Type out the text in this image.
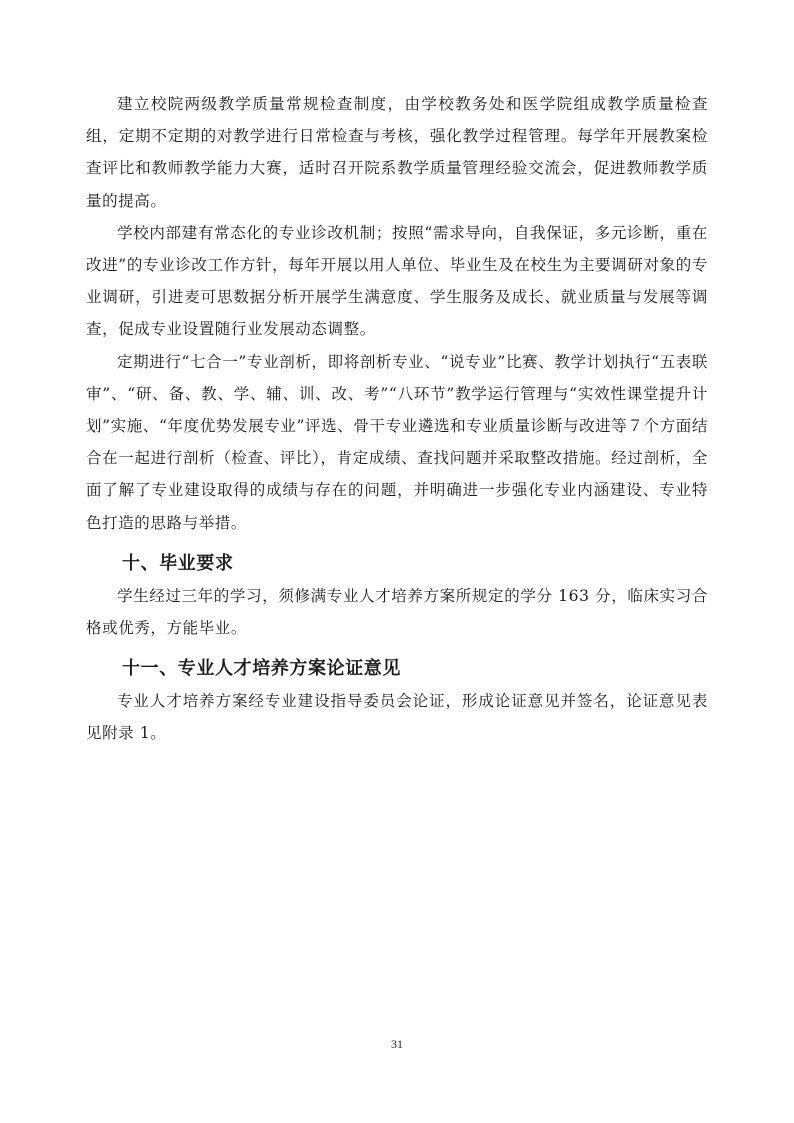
建立校院两级教学质量常规检查制度，由学校教务处和医学院组成教学质量检查组，定期不定期的对教学进行日常检查与考核，强化教学过程管理。每学年开展教案检查评比和教师教学能力大赛，适时召开院系教学质量管理经验交流会，促进教师教学质量的提高。

学校内部建有常态化的专业诊改机制；按照“需求导向，自我保证，多元诊断，重在改进”的专业诊改工作方针，每年开展以用人单位、毕业生及在校生为主要调研对象的专业调研，引进麦可思数据分析开展学生满意度、学生服务及成长、就业质量与发展等调查，促成专业设置随行业发展动态调整。

定期进行“七合一”专业剖析，即将剖析专业、“说专业”比赛、教学计划执行“五表联审”、“研、备、教、学、辅、训、改、考”“八环节”教学运行管理与“实效性课堂提升计划”实施、“年度优势发展专业”评选、骨干专业遴选和专业质量诊断与改进等７个方面结合在一起进行剖析（检查、评比），肯定成绩、查找问题并采取整改措施。经过剖析，全面了解了专业建设取得的成绩与存在的问题，并明确进一步强化专业内涵建设、专业特色打造的思路与举措。

十、毕业要求

学生经过三年的学习，须修满专业人才培养方案所规定的学分 163 分，临床实习合格或优秀，方能毕业。

十一、专业人才培养方案论证意见

专业人才培养方案经专业建设指导委员会论证，形成论证意见并签名，论证意见表见附录 1。

31
